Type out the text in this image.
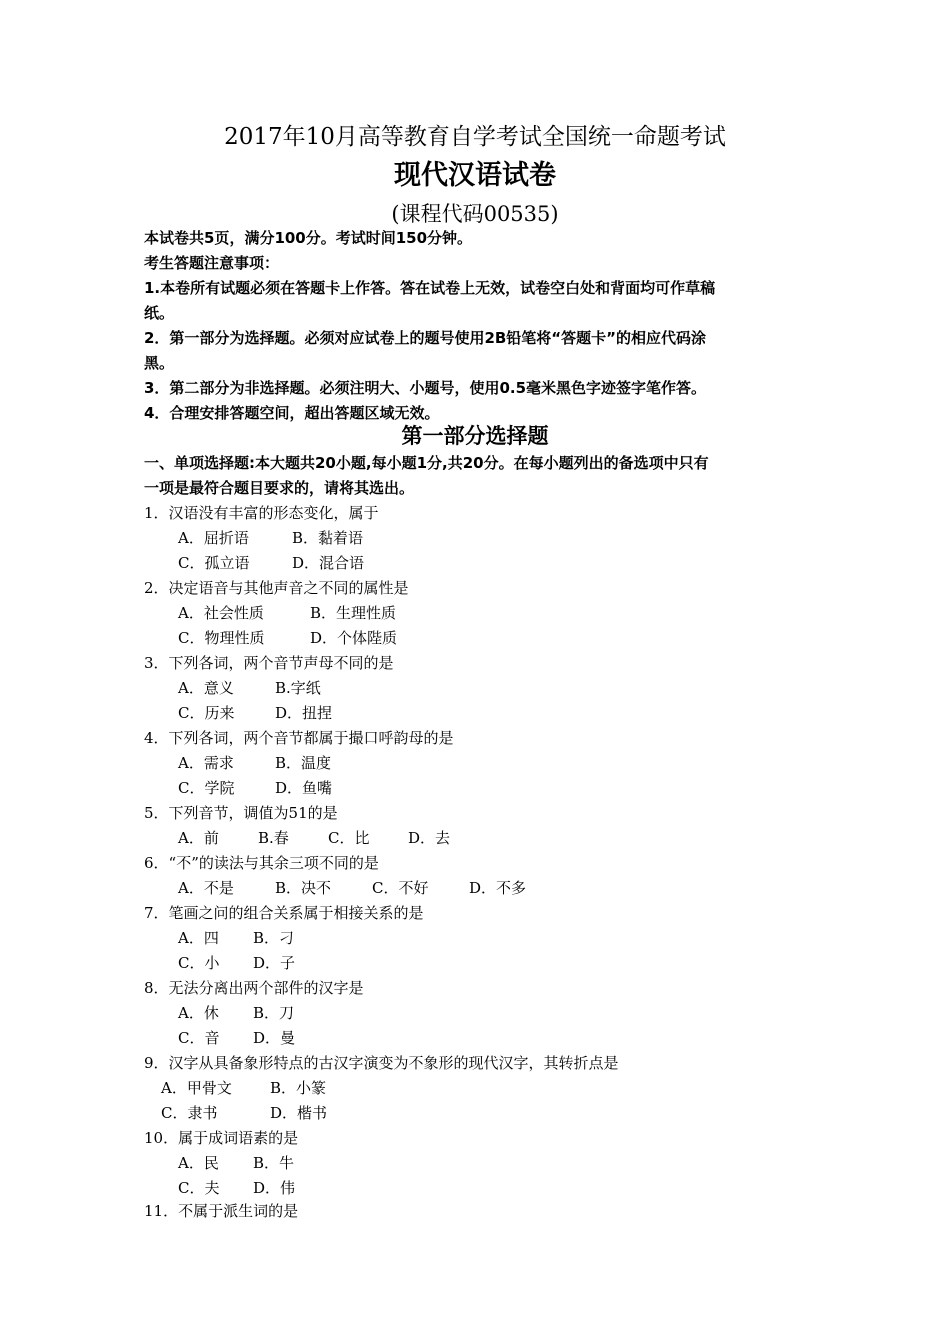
2017年10月高等教育自学考试全国统一命题考试
现代汉语试卷
(课程代码00535)
本试卷共5页，满分100分。考试时间150分钟。
考生答题注意事项：
1.本卷所有试题必须在答题卡上作答。答在试卷上无效，试卷空白处和背面均可作草稿
纸。
2．第一部分为选择题。必须对应试卷上的题号使用2B铅笔将“答题卡”的相应代码涂
黑。
3．第二部分为非选择题。必须注明大、小题号，使用0.5毫米黑色字迹签字笔作答。
4．合理安排答题空间，超出答题区域无效。
第一部分选择题
一、单项选择题:本大题共20小题,每小题1分,共20分。在每小题列出的备选项中只有
一项是最符合题目要求的，请将其选出。
1．汉语没有丰富的形态变化，属于
A．屈折语	B．黏着语
C．孤立语	D．混合语
2．决定语音与其他声音之不同的属性是
A．社会性质	B．生理性质
C．物理性质	D．个体陛质
3．下列各词，两个音节声母不同的是
A．意义	B.字纸
C．历来	D．扭捏
4．下列各词，两个音节都属于撮口呼韵母的是
A．需求	B．温度
C．学院	D．鱼嘴
5．下列音节，调值为51的是
A．前	B.春	C．比	D．去
6．“不”的读法与其余三项不同的是
A．不是	B．决不	C．不好	D．不多
7．笔画之问的组合关系属于相接关系的是
A．四 B．刁
C．小 D．子
8．无法分离出两个部件的汉字是
A．休 B．刀
C．音 D．曼
9．汉字从具备象形特点的古汉字演变为不象形的现代汉字，其转折点是
A．甲骨文	B．小篆
C．隶书	D．楷书
10．属于成词语素的是
A．民 B．牛
C．夫 D．伟
11．不属于派生词的是
